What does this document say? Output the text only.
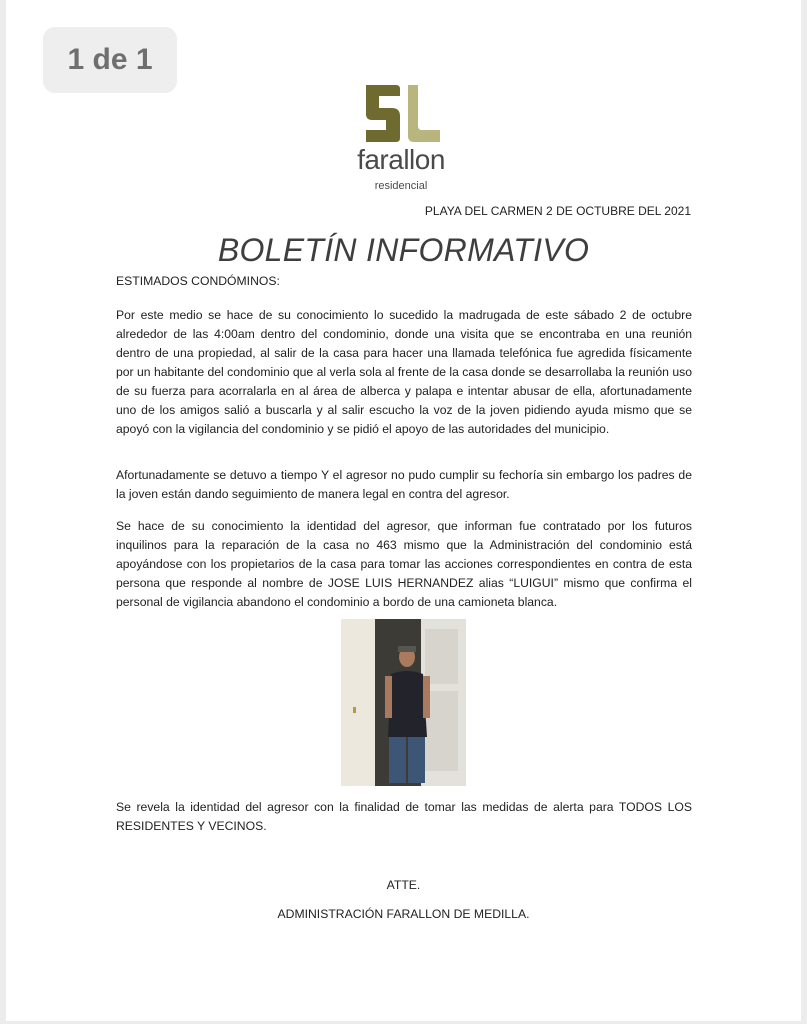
1 de 1
farallon
residencial
PLAYA DEL CARMEN 2 DE OCTUBRE DEL 2021
BOLETÍN INFORMATIVO
ESTIMADOS CONDÓMINOS:
Por este medio se hace de su conocimiento lo sucedido la madrugada de este sábado 2 de octubre alrededor de las 4:00am dentro del condominio, donde una visita que se encontraba en una reunión dentro de una propiedad, al salir de la casa para hacer una llamada telefónica fue agredida físicamente por un habitante del condominio que al verla sola al frente de la casa donde se desarrollaba la reunión uso de su fuerza para acorralarla en al área de alberca y palapa e intentar abusar de ella, afortunadamente uno de los amigos salió a buscarla y al salir escucho la voz de la joven pidiendo ayuda mismo que se apoyó con la vigilancia del condominio y se pidió el apoyo de las autoridades del municipio.
Afortunadamente se detuvo a tiempo Y el agresor no pudo cumplir su fechoría sin embargo los padres de la joven están dando seguimiento de manera legal en contra del agresor.
Se hace de su conocimiento la identidad del agresor, que informan fue contratado por los futuros inquilinos para la reparación de la casa no 463 mismo que la Administración del condominio está apoyándose con los propietarios de la casa para tomar las acciones correspondientes en contra de esta persona que responde al nombre de JOSE LUIS HERNANDEZ alias “LUIGUI” mismo que confirma el personal de vigilancia abandono el condominio a bordo de una camioneta blanca.
Se revela la identidad del agresor con la finalidad de tomar las medidas de alerta para TODOS LOS RESIDENTES Y VECINOS.
ATTE.
ADMINISTRACIÓN FARALLON DE MEDILLA.
